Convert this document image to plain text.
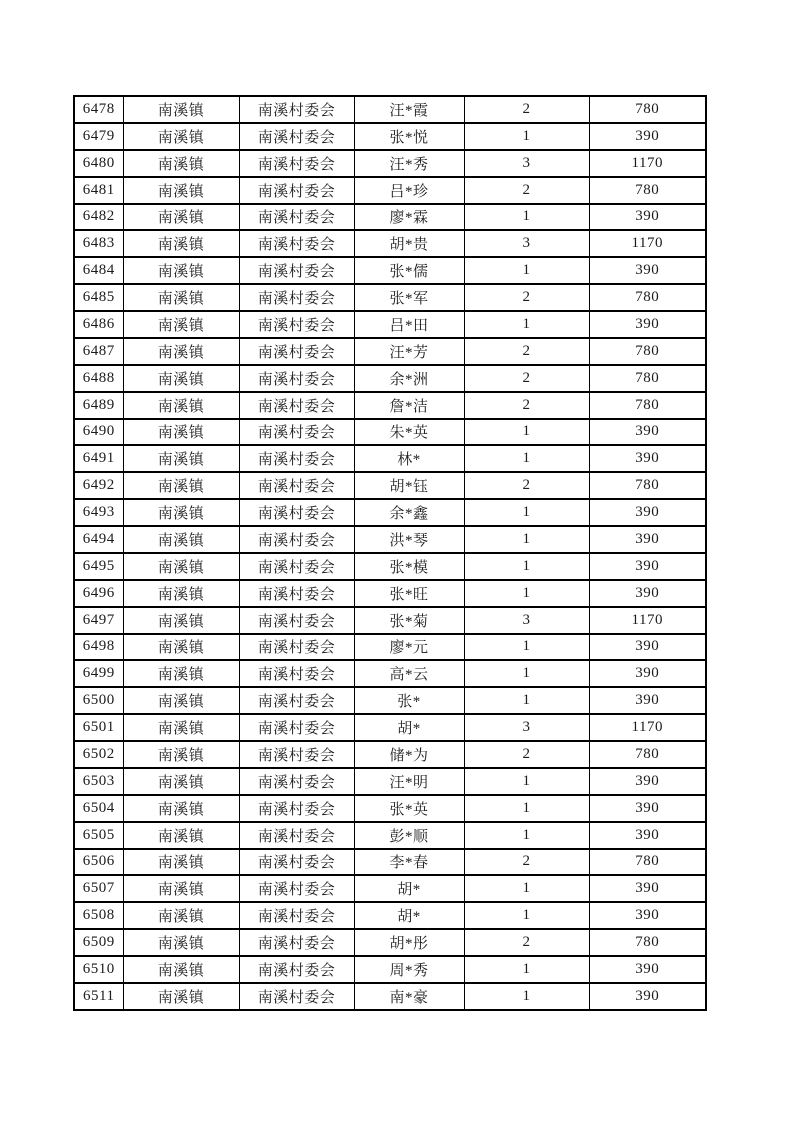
6478	南溪镇	南溪村委会	汪*霞	2	780
6479	南溪镇	南溪村委会	张*悦	1	390
6480	南溪镇	南溪村委会	汪*秀	3	1170
6481	南溪镇	南溪村委会	吕*珍	2	780
6482	南溪镇	南溪村委会	廖*霖	1	390
6483	南溪镇	南溪村委会	胡*贵	3	1170
6484	南溪镇	南溪村委会	张*儒	1	390
6485	南溪镇	南溪村委会	张*军	2	780
6486	南溪镇	南溪村委会	吕*田	1	390
6487	南溪镇	南溪村委会	汪*芳	2	780
6488	南溪镇	南溪村委会	余*洲	2	780
6489	南溪镇	南溪村委会	詹*洁	2	780
6490	南溪镇	南溪村委会	朱*英	1	390
6491	南溪镇	南溪村委会	林*	1	390
6492	南溪镇	南溪村委会	胡*钰	2	780
6493	南溪镇	南溪村委会	余*鑫	1	390
6494	南溪镇	南溪村委会	洪*琴	1	390
6495	南溪镇	南溪村委会	张*模	1	390
6496	南溪镇	南溪村委会	张*旺	1	390
6497	南溪镇	南溪村委会	张*菊	3	1170
6498	南溪镇	南溪村委会	廖*元	1	390
6499	南溪镇	南溪村委会	高*云	1	390
6500	南溪镇	南溪村委会	张*	1	390
6501	南溪镇	南溪村委会	胡*	3	1170
6502	南溪镇	南溪村委会	储*为	2	780
6503	南溪镇	南溪村委会	汪*明	1	390
6504	南溪镇	南溪村委会	张*英	1	390
6505	南溪镇	南溪村委会	彭*顺	1	390
6506	南溪镇	南溪村委会	李*春	2	780
6507	南溪镇	南溪村委会	胡*	1	390
6508	南溪镇	南溪村委会	胡*	1	390
6509	南溪镇	南溪村委会	胡*彤	2	780
6510	南溪镇	南溪村委会	周*秀	1	390
6511	南溪镇	南溪村委会	南*豪	1	390
